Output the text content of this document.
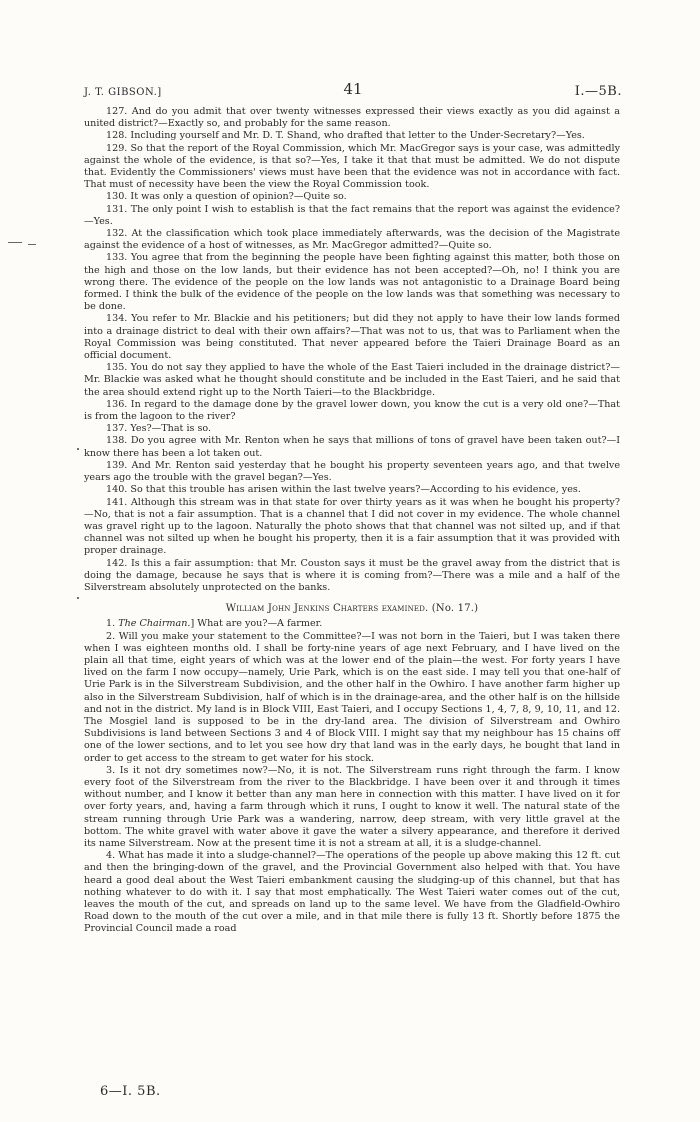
J. T. GIBSON.]	41	I.—5B.

127. And do you admit that over twenty witnesses expressed their views exactly as you did against a united district?—Exactly so, and probably for the same reason.

128. Including yourself and Mr. D. T. Shand, who drafted that letter to the Under-Secretary?—Yes.

129. So that the report of the Royal Commission, which Mr. MacGregor says is your case, was admittedly against the whole of the evidence, is that so?—Yes, I take it that that must be admitted. We do not dispute that. Evidently the Commissioners' views must have been that the evidence was not in accordance with fact. That must of necessity have been the view the Royal Commission took.

130. It was only a question of opinion?—Quite so.

131. The only point I wish to establish is that the fact remains that the report was against the evidence?—Yes.

132. At the classification which took place immediately afterwards, was the decision of the Magistrate against the evidence of a host of witnesses, as Mr. MacGregor admitted?—Quite so.

133. You agree that from the beginning the people have been fighting against this matter, both those on the high and those on the low lands, but their evidence has not been accepted?—Oh, no! I think you are wrong there. The evidence of the people on the low lands was not antagonistic to a Drainage Board being formed. I think the bulk of the evidence of the people on the low lands was that something was necessary to be done.

134. You refer to Mr. Blackie and his petitioners; but did they not apply to have their low lands formed into a drainage district to deal with their own affairs?—That was not to us, that was to Parliament when the Royal Commission was being constituted. That never appeared before the Taieri Drainage Board as an official document.

135. You do not say they applied to have the whole of the East Taieri included in the drainage district?—Mr. Blackie was asked what he thought should constitute and be included in the East Taieri, and he said that the area should extend right up to the North Taieri—to the Blackbridge.

136. In regard to the damage done by the gravel lower down, you know the cut is a very old one?—That is from the lagoon to the river?

137. Yes?—That is so.

138. Do you agree with Mr. Renton when he says that millions of tons of gravel have been taken out?—I know there has been a lot taken out.

139. And Mr. Renton said yesterday that he bought his property seventeen years ago, and that twelve years ago the trouble with the gravel began?—Yes.

140. So that this trouble has arisen within the last twelve years?—According to his evidence, yes.

141. Although this stream was in that state for over thirty years as it was when he bought his property?—No, that is not a fair assumption. That is a channel that I did not cover in my evidence. The whole channel was gravel right up to the lagoon. Naturally the photo shows that that channel was not silted up, and if that channel was not silted up when he bought his property, then it is a fair assumption that it was provided with proper drainage.

142. Is this a fair assumption: that Mr. Couston says it must be the gravel away from the district that is doing the damage, because he says that is where it is coming from?—There was a mile and a half of the Silverstream absolutely unprotected on the banks.

William John Jenkins Charters examined. (No. 17.)

1. The Chairman.] What are you?—A farmer.

2. Will you make your statement to the Committee?—I was not born in the Taieri, but I was taken there when I was eighteen months old. I shall be forty-nine years of age next February, and I have lived on the plain all that time, eight years of which was at the lower end of the plain—the west. For forty years I have lived on the farm I now occupy—namely, Urie Park, which is on the east side. I may tell you that one-half of Urie Park is in the Silverstream Subdivision, and the other half in the Owhiro. I have another farm higher up also in the Silverstream Subdivision, half of which is in the drainage-area, and the other half is on the hillside and not in the district. My land is in Block VIII, East Taieri, and I occupy Sections 1, 4, 7, 8, 9, 10, 11, and 12. The Mosgiel land is supposed to be in the dry-land area. The division of Silverstream and Owhiro Subdivisions is land between Sections 3 and 4 of Block VIII. I might say that my neighbour has 15 chains off one of the lower sections, and to let you see how dry that land was in the early days, he bought that land in order to get access to the stream to get water for his stock.

3. Is it not dry sometimes now?—No, it is not. The Silverstream runs right through the farm. I know every foot of the Silverstream from the river to the Blackbridge. I have been over it and through it times without number, and I know it better than any man here in connection with this matter. I have lived on it for over forty years, and, having a farm through which it runs, I ought to know it well. The natural state of the stream running through Urie Park was a wandering, narrow, deep stream, with very little gravel at the bottom. The white gravel with water above it gave the water a silvery appearance, and therefore it derived its name Silverstream. Now at the present time it is not a stream at all, it is a sludge-channel.

4. What has made it into a sludge-channel?—The operations of the people up above making this 12 ft. cut and then the bringing-down of the gravel, and the Provincial Government also helped with that. You have heard a good deal about the West Taieri embankment causing the sludging-up of this channel, but that has nothing whatever to do with it. I say that most emphatically. The West Taieri water comes out of the cut, leaves the mouth of the cut, and spreads on land up to the same level. We have from the Gladfield-Owhiro Road down to the mouth of the cut over a mile, and in that mile there is fully 13 ft. Shortly before 1875 the Provincial Council made a road

6—I. 5B.
